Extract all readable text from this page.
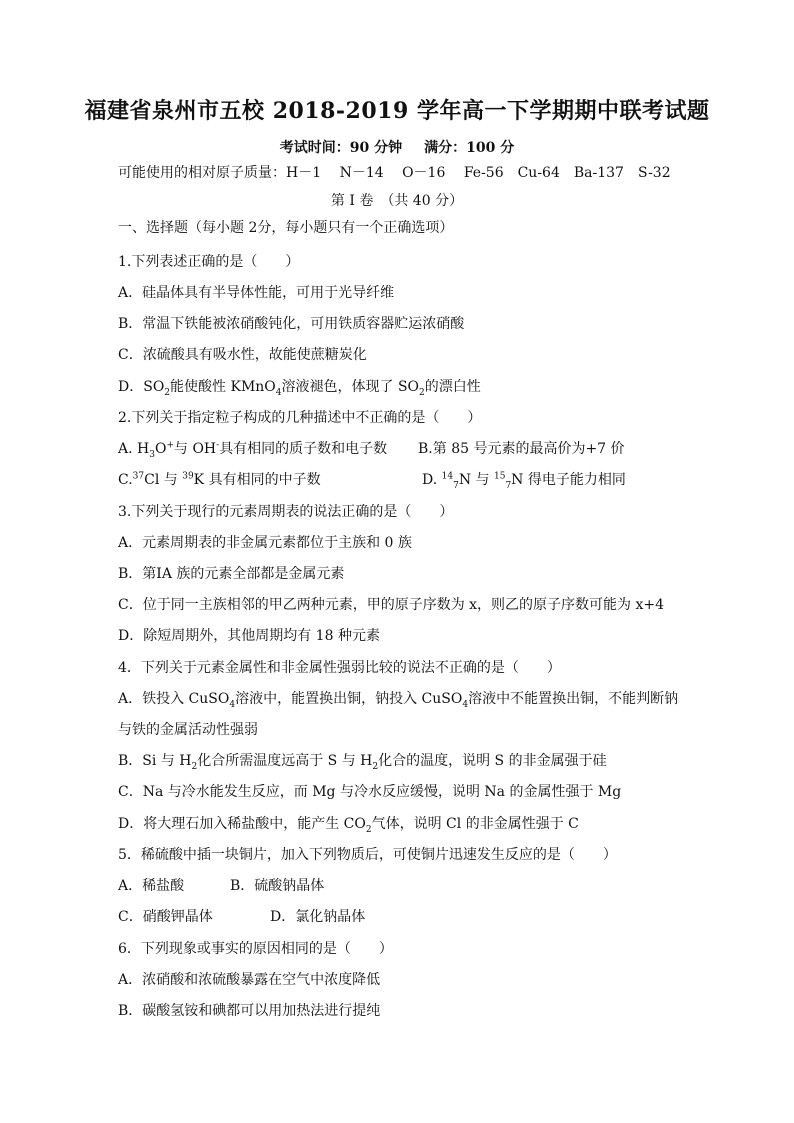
福建省泉州市五校 2018-2019 学年高一下学期期中联考试题
考试时间：90 分钟 满分：100 分
可能使用的相对原子质量：H－1　 N－14　 O－16　 Fe-56　Cu-64　Ba-137　S-32
第 I 卷　（共 40 分）
一、选择题（每小题 2分，每小题只有一个正确选项）
1.下列表述正确的是（　　）
A．硅晶体具有半导体性能，可用于光导纤维
B．常温下铁能被浓硝酸钝化，可用铁质容器贮运浓硝酸
C．浓硫酸具有吸水性，故能使蔗糖炭化
D．$SO_2$能使酸性 KMnO$_4$溶液褪色，体现了 $SO_2$的漂白性
2.下列关于指定粒子构成的几种描述中不正确的是（　　）
A. $H_3O^+$与 OH-具有相同的质子数和电子数 B.第 85 号元素的最高价为+7 价
C.$^{37}$Cl 与 $^{39}$K 具有相同的中子数	D. $^{14}_7$N 与 $^{15}_7$N 得电子能力相同
3.下列关于现行的元素周期表的说法正确的是（　　）
A．元素周期表的非金属元素都位于主族和 0 族
B．第ⅠA 族的元素全部都是金属元素
C．位于同一主族相邻的甲乙两种元素，甲的原子序数为 x，则乙的原子序数可能为 x+4
D．除短周期外，其他周期均有 18 种元素
4．下列关于元素金属性和非金属性强弱比较的说法不正确的是（　　）
A．铁投入 CuSO$_4$溶液中，能置换出铜，钠投入 CuSO$_4$溶液中不能置换出铜，不能判断钠
与铁的金属活动性强弱
B．Si 与 $H_2$化合所需温度远高于 S 与 $H_2$化合的温度，说明 S 的非金属强于硅
C．Na 与冷水能发生反应，而 Mg 与冷水反应缓慢，说明 Na 的金属性强于 Mg
D．将大理石加入稀盐酸中，能产生 $CO_2$气体，说明 Cl 的非金属性强于 C
5．稀硫酸中插一块铜片，加入下列物质后，可使铜片迅速发生反应的是（　　）
A．稀盐酸	B．硫酸钠晶体
C．硝酸钾晶体	D．氯化钠晶体
6．下列现象或事实的原因相同的是（　　）
A．浓硝酸和浓硫酸暴露在空气中浓度降低
B．碳酸氢铵和碘都可以用加热法进行提纯
